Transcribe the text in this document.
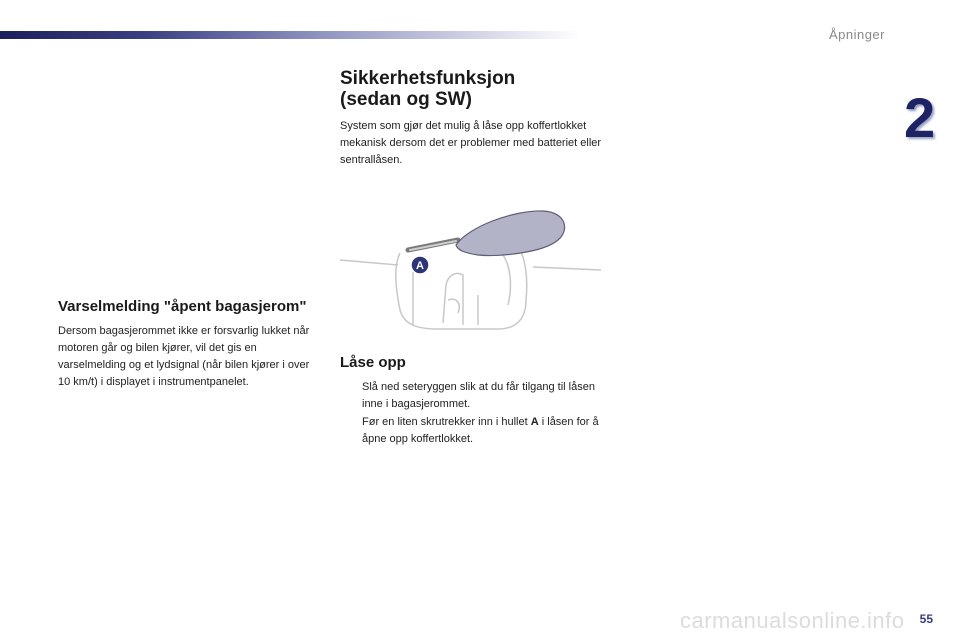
Åpninger
2
Varselmelding "åpent bagasjerom"

Dersom bagasjerommet ikke er forsvarlig lukket når motoren går og bilen kjører, vil det gis en varselmelding og et lydsignal (når bilen kjører i over 10 km/t) i displayet i instrumentpanelet.

Sikkerhetsfunksjon (sedan og SW)

System som gjør det mulig å låse opp koffertlokket mekanisk dersom det er problemer med batteriet eller sentrallåsen.

A
Låse opp
Slå ned seteryggen slik at du får tilgang til låsen inne i bagasjerommet.
Før en liten skrutrekker inn i hullet A i låsen for å åpne opp koffertlokket.
55
carmanualsonline.info
